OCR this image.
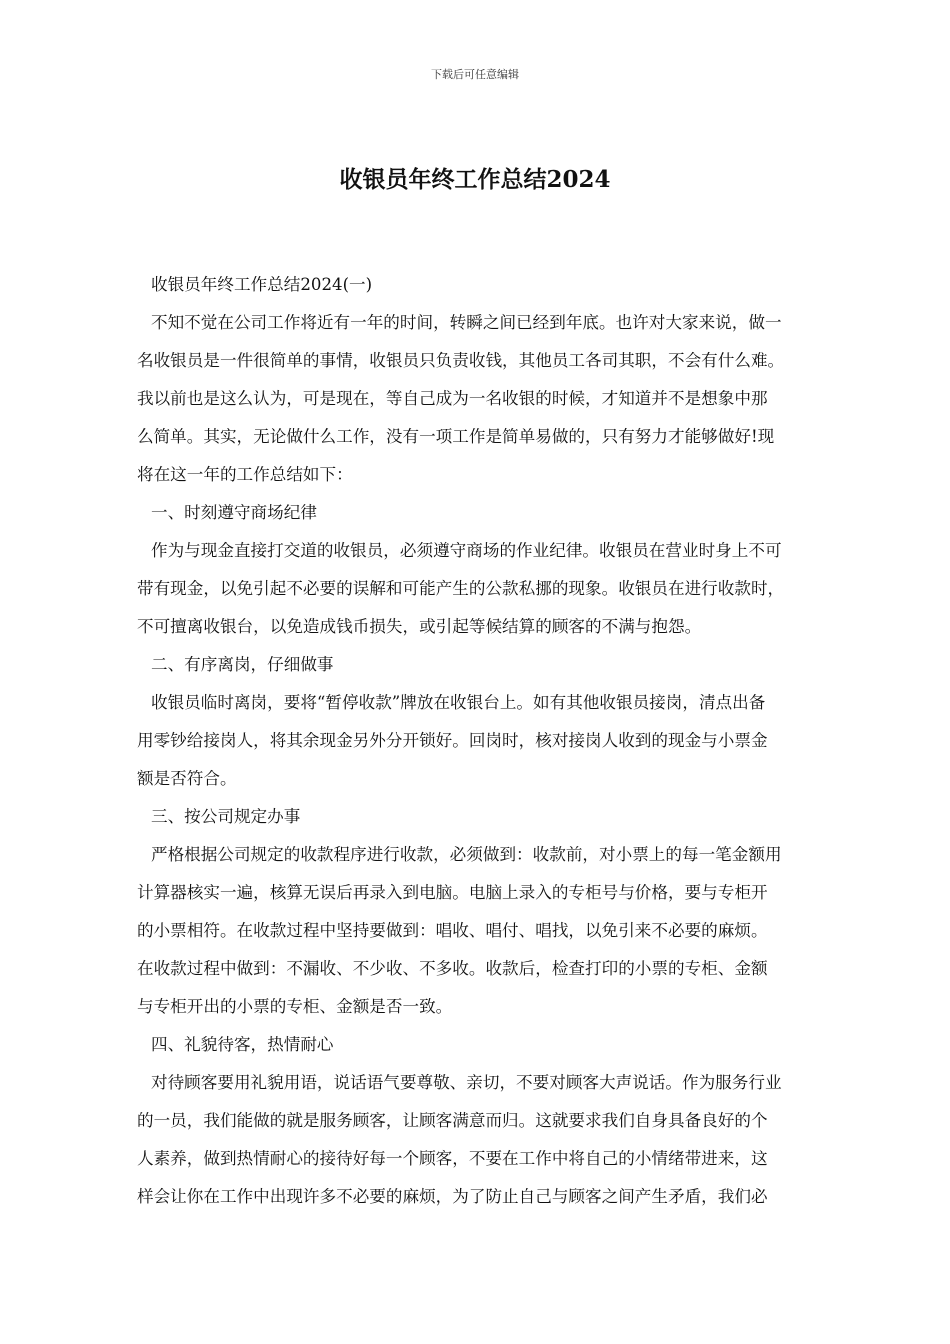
下载后可任意编辑
收银员年终工作总结2024
收银员年终工作总结2024(一)
不知不觉在公司工作将近有一年的时间，转瞬之间已经到年底。也许对大家来说，做一
名收银员是一件很简单的事情，收银员只负责收钱，其他员工各司其职，不会有什么难。
我以前也是这么认为，可是现在，等自己成为一名收银的时候，才知道并不是想象中那
么简单。其实，无论做什么工作，没有一项工作是简单易做的，只有努力才能够做好!现
将在这一年的工作总结如下：
一、时刻遵守商场纪律
作为与现金直接打交道的收银员，必须遵守商场的作业纪律。收银员在营业时身上不可
带有现金，以免引起不必要的误解和可能产生的公款私挪的现象。收银员在进行收款时，
不可擅离收银台，以免造成钱币损失，或引起等候结算的顾客的不满与抱怨。
二、有序离岗，仔细做事
收银员临时离岗，要将“暂停收款”牌放在收银台上。如有其他收银员接岗，清点出备
用零钞给接岗人，将其余现金另外分开锁好。回岗时，核对接岗人收到的现金与小票金
额是否符合。
三、按公司规定办事
严格根据公司规定的收款程序进行收款，必须做到：收款前，对小票上的每一笔金额用
计算器核实一遍，核算无误后再录入到电脑。电脑上录入的专柜号与价格，要与专柜开
的小票相符。在收款过程中坚持要做到：唱收、唱付、唱找，以免引来不必要的麻烦。
在收款过程中做到：不漏收、不少收、不多收。收款后，检查打印的小票的专柜、金额
与专柜开出的小票的专柜、金额是否一致。
四、礼貌待客，热情耐心
对待顾客要用礼貌用语，说话语气要尊敬、亲切，不要对顾客大声说话。作为服务行业
的一员，我们能做的就是服务顾客，让顾客满意而归。这就要求我们自身具备良好的个
人素养，做到热情耐心的接待好每一个顾客，不要在工作中将自己的小情绪带进来，这
样会让你在工作中出现许多不必要的麻烦，为了防止自己与顾客之间产生矛盾，我们必
